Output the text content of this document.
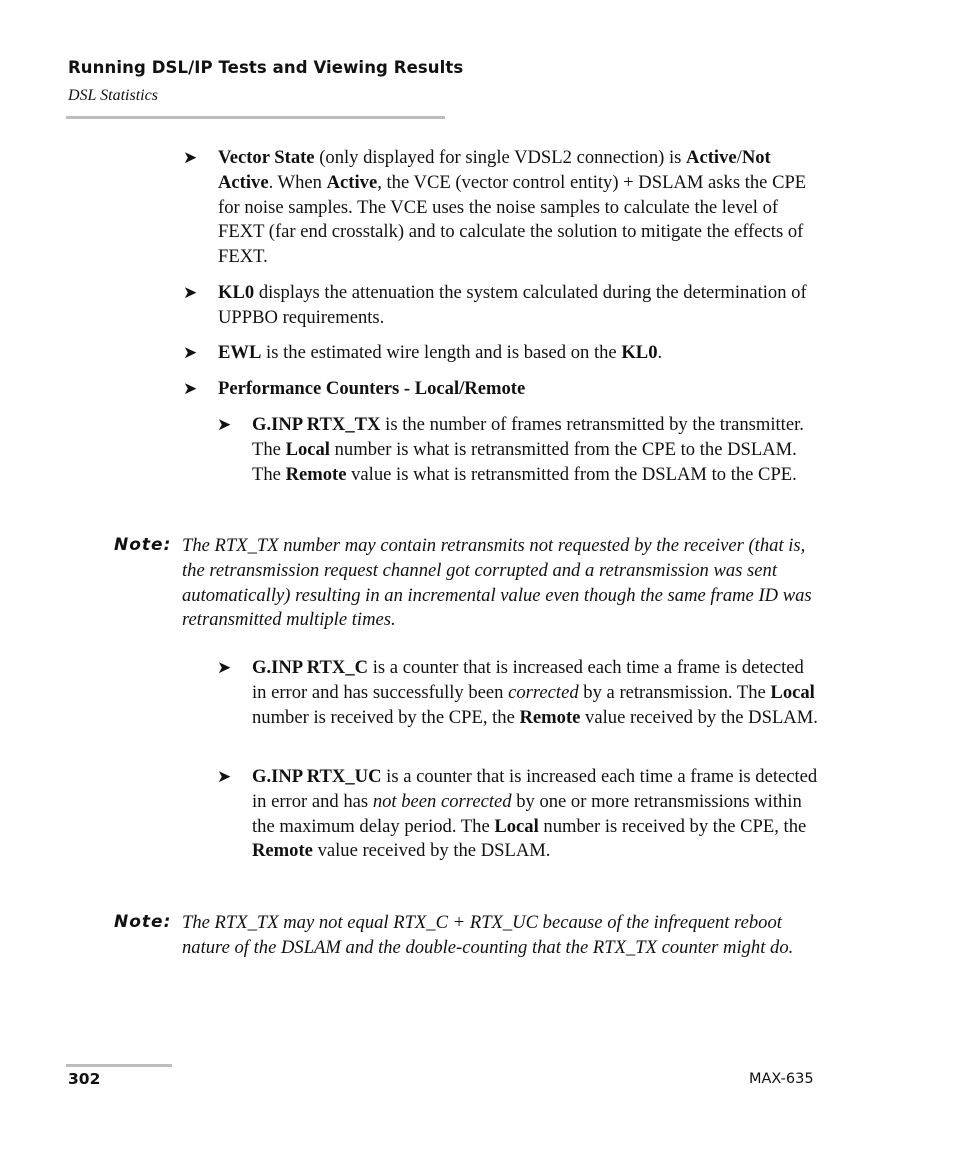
Running DSL/IP Tests and Viewing Results
DSL Statistics
➤ Vector State (only displayed for single VDSL2 connection) is Active/Not Active. When Active, the VCE (vector control entity) + DSLAM asks the CPE for noise samples. The VCE uses the noise samples to calculate the level of FEXT (far end crosstalk) and to calculate the solution to mitigate the effects of FEXT.
➤ KL0 displays the attenuation the system calculated during the determination of UPPBO requirements.
➤ EWL is the estimated wire length and is based on the KL0.
➤ Performance Counters - Local/Remote
➤ G.INP RTX_TX is the number of frames retransmitted by the transmitter. The Local number is what is retransmitted from the CPE to the DSLAM. The Remote value is what is retransmitted from the DSLAM to the CPE.
Note: The RTX_TX number may contain retransmits not requested by the receiver (that is, the retransmission request channel got corrupted and a retransmission was sent automatically) resulting in an incremental value even though the same frame ID was retransmitted multiple times.
➤ G.INP RTX_C is a counter that is increased each time a frame is detected in error and has successfully been corrected by a retransmission. The Local number is received by the CPE, the Remote value received by the DSLAM.
➤ G.INP RTX_UC is a counter that is increased each time a frame is detected in error and has not been corrected by one or more retransmissions within the maximum delay period. The Local number is received by the CPE, the Remote value received by the DSLAM.
Note: The RTX_TX may not equal RTX_C + RTX_UC because of the infrequent reboot nature of the DSLAM and the double-counting that the RTX_TX counter might do.
302	MAX-635
